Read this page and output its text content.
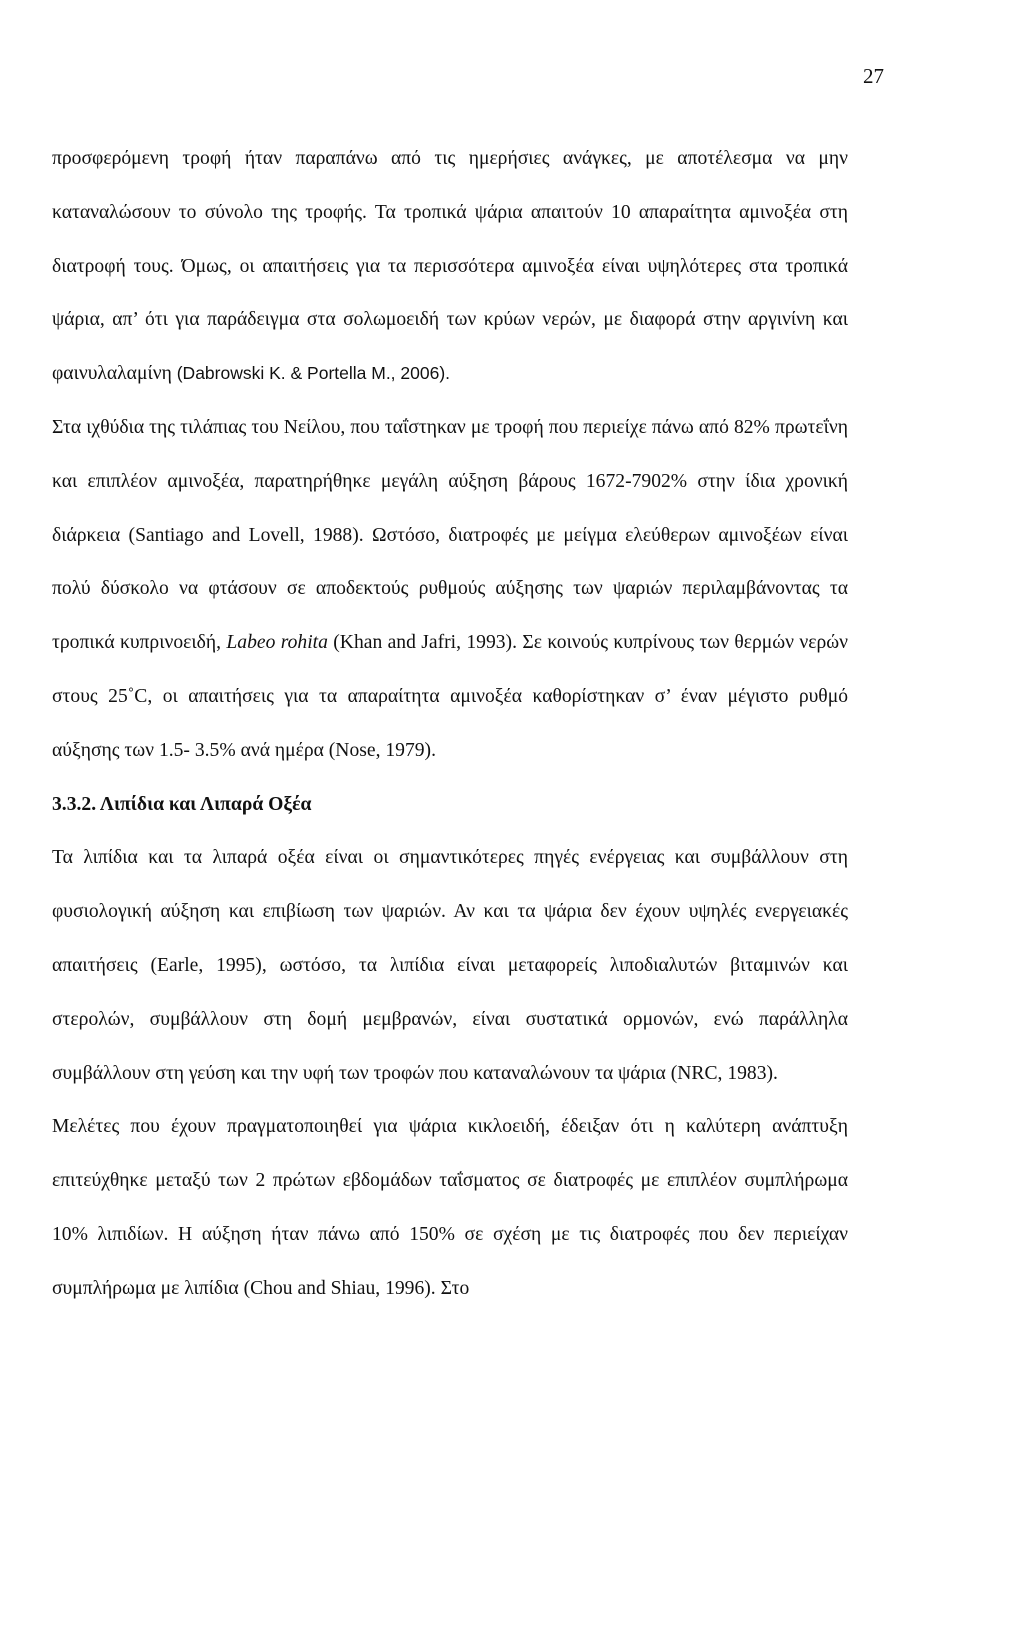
27

προσφερόμενη τροφή ήταν παραπάνω από τις ημερήσιες ανάγκες, με αποτέλεσμα να μην καταναλώσουν το σύνολο της τροφής. Τα τροπικά ψάρια απαιτούν 10 απαραίτητα αμινοξέα στη διατροφή τους. Όμως, οι απαιτήσεις για τα περισσότερα αμινοξέα είναι υψηλότερες στα τροπικά ψάρια, απ’ ότι για παράδειγμα στα σολωμοειδή των κρύων νερών, με διαφορά στην αργινίνη και φαινυλαλαμίνη (Dabrowski K. & Portella M., 2006).

Στα ιχθύδια της τιλάπιας του Νείλου, που ταΐστηκαν με τροφή που περιείχε πάνω από 82% πρωτεΐνη και επιπλέον αμινοξέα, παρατηρήθηκε μεγάλη αύξηση βάρους 1672-7902% στην ίδια χρονική διάρκεια (Santiago and Lovell, 1988). Ωστόσο, διατροφές με μείγμα ελεύθερων αμινοξέων είναι πολύ δύσκολο να φτάσουν σε αποδεκτούς ρυθμούς αύξησης των ψαριών περιλαμβάνοντας τα τροπικά κυπρινοειδή, Labeo rohita (Khan and Jafri, 1993). Σε κοινούς κυπρίνους των θερμών νερών στους 25˚C, οι απαιτήσεις για τα απαραίτητα αμινοξέα καθορίστηκαν σ’ έναν μέγιστο ρυθμό αύξησης των 1.5- 3.5% ανά ημέρα (Nose, 1979).

3.3.2. Λιπίδια και Λιπαρά Οξέα

Τα λιπίδια και τα λιπαρά οξέα είναι οι σημαντικότερες πηγές ενέργειας και συμβάλλουν στη φυσιολογική αύξηση και επιβίωση των ψαριών. Αν και τα ψάρια δεν έχουν υψηλές ενεργειακές απαιτήσεις (Earle, 1995), ωστόσο, τα λιπίδια είναι μεταφορείς λιποδιαλυτών βιταμινών και στερολών, συμβάλλουν στη δομή μεμβρανών, είναι συστατικά ορμονών, ενώ παράλληλα συμβάλλουν στη γεύση και την υφή των τροφών που καταναλώνουν τα ψάρια (NRC, 1983).

Μελέτες που έχουν πραγματοποιηθεί για ψάρια κικλοειδή, έδειξαν ότι η καλύτερη ανάπτυξη επιτεύχθηκε μεταξύ των 2 πρώτων εβδομάδων ταΐσματος σε διατροφές με επιπλέον συμπλήρωμα 10% λιπιδίων. Η αύξηση ήταν πάνω από 150% σε σχέση με τις διατροφές που δεν περιείχαν συμπλήρωμα με λιπίδια (Chou and Shiau, 1996). Στο
